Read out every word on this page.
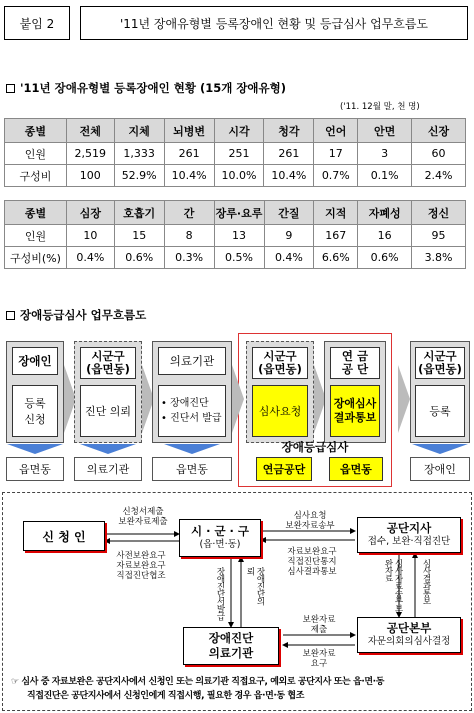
붙임 2	'11년 장애유형별 등록장애인 현황 및 등급심사 업무흐름도
'11년 장애유형별 등록장애인 현황 (15개 장애유형)
('11. 12월 말, 천 명)
종별	전체	지체	뇌병변	시각	청각	언어	안면	신장
인원	2,519	1,333	261	251	261	17	3	60
구성비	100	52.9%	10.4%	10.0%	10.4%	0.7%	0.1%	2.4%
종별	심장	호흡기	간	장루·요루	간질	지적	자폐성	정신
인원	10	15	8	13	9	167	16	95
구성비(%)	0.4%	0.6%	0.3%	0.5%	0.4%	6.6%	0.6%	3.8%
장애등급심사 업무흐름도
장애인
등록
신청
시군구
(읍면동)
진단 의뢰
의료기관
• 장애진단
• 진단서 발급
시군구
(읍면동)
심사요청
연 금
공 단
장애심사
결과통보
시군구
(읍면동)
등록
장애등급심사
읍면동	의료기관	읍면동	연금공단	읍면동	장애인
신 청 인	시 · 군 · 구
(읍·면·동)
공단지사
접수, 보완·직접진단
장애진단
의료기관
공단본부
자문의회의심사결정
신청서제출
보완자료제출
사전보완요구
자료보완요구
직접진단협조
심사요청
보완자료송부
자료보완요구
직접진단통지
심사결과통보
장애진단서발급	장애진단의뢰	심사자료송부보완자료	심사결과통보
보완자료
제출
보완자료
요구
☞ 심사 중 자료보완은 공단지사에서 신청인 또는 의료기관 직접요구, 예외로 공단지사 또는 읍·면·동
직접진단은 공단지사에서 신청인에게 직접시행, 필요한 경우 읍·면·동 협조
